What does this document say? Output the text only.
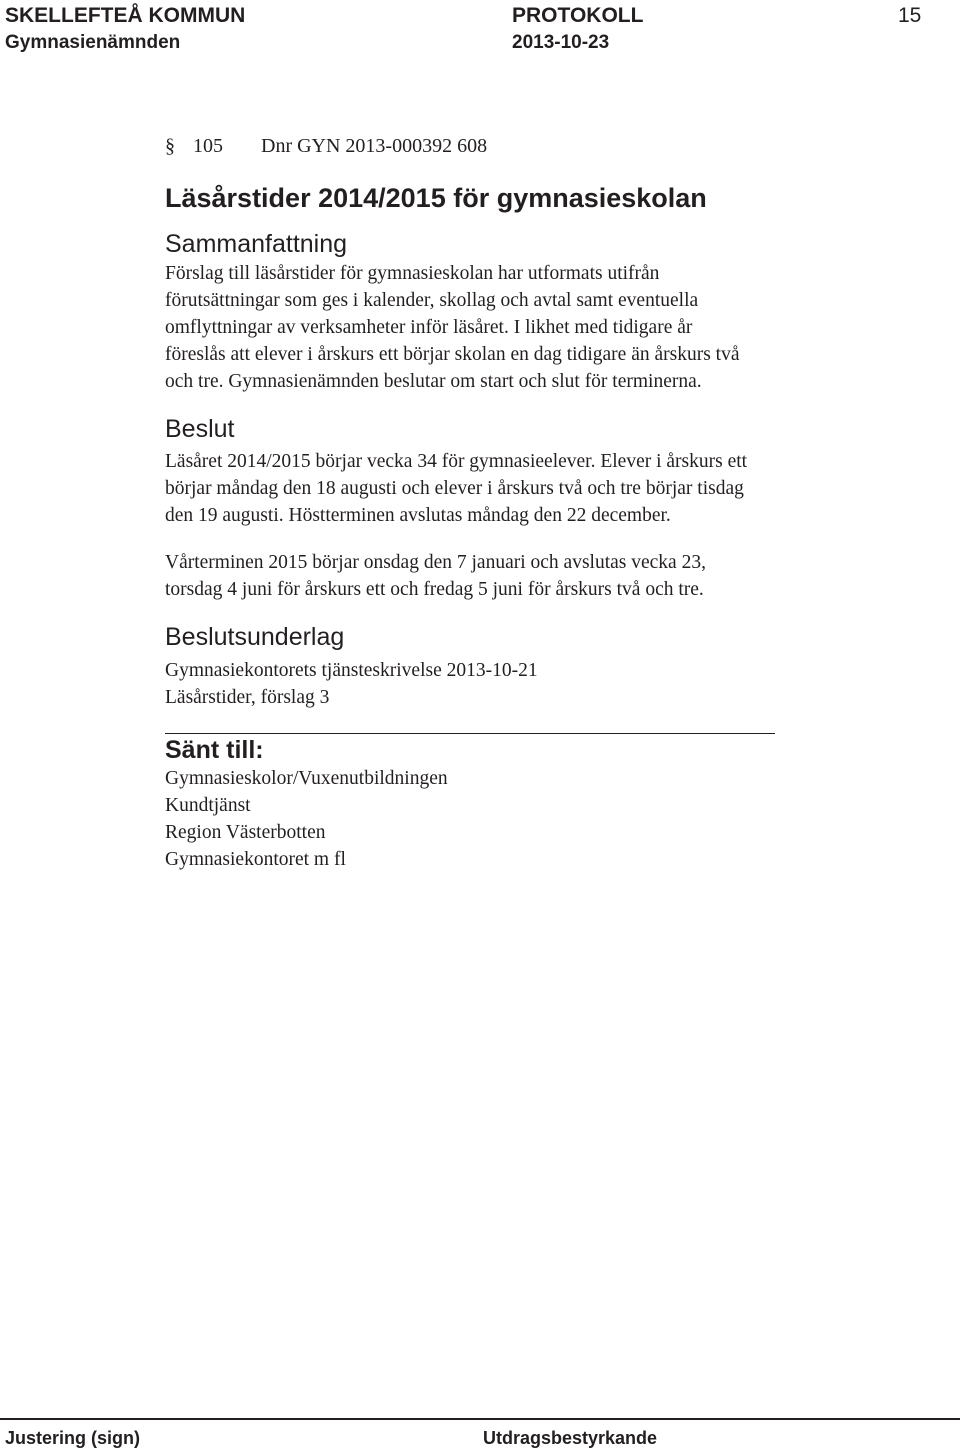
SKELLEFTEÅ KOMMUN	PROTOKOLL	15
Gymnasienämnden	2013-10-23
§ 105 Dnr GYN 2013-000392 608
Läsårstider 2014/2015 för gymnasieskolan
Sammanfattning
Förslag till läsårstider för gymnasieskolan har utformats utifrån
förutsättningar som ges i kalender, skollag och avtal samt eventuella
omflyttningar av verksamheter inför läsåret. I likhet med tidigare år
föreslås att elever i årskurs ett börjar skolan en dag tidigare än årskurs två
och tre. Gymnasienämnden beslutar om start och slut för terminerna.
Beslut
Läsåret 2014/2015 börjar vecka 34 för gymnasieelever. Elever i årskurs ett
börjar måndag den 18 augusti och elever i årskurs två och tre börjar tisdag
den 19 augusti. Höstterminen avslutas måndag den 22 december.
Vårterminen 2015 börjar onsdag den 7 januari och avslutas vecka 23,
torsdag 4 juni för årskurs ett och fredag 5 juni för årskurs två och tre.
Beslutsunderlag
Gymnasiekontorets tjänsteskrivelse 2013-10-21
Läsårstider, förslag 3
Sänt till:
Gymnasieskolor/Vuxenutbildningen
Kundtjänst
Region Västerbotten
Gymnasiekontoret m fl
Justering (sign)	Utdragsbestyrkande
